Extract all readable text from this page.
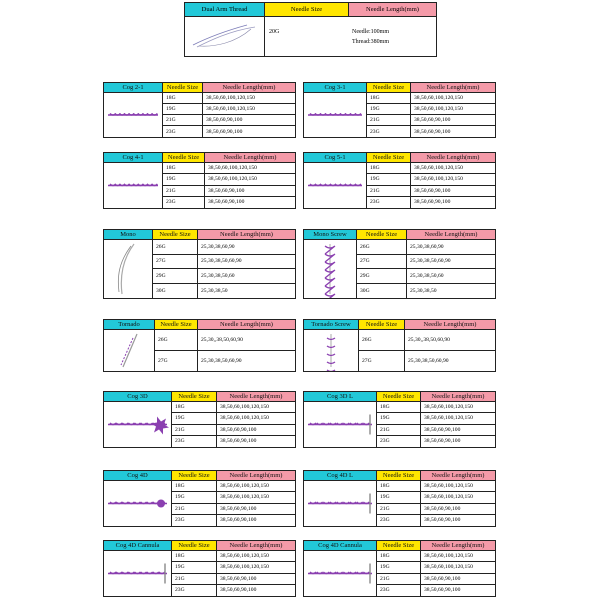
Dual Arm Thread	Needle Size	Needle Length(mm)
20G	Needle:100mm
Thread:380mm
Cog 2-1	Needle Size	Needle Length(mm)
18G	38,50,60,100,120,150
19G	38,50,60,100,120,150
21G	38,50,60,90,100
23G	38,50,60,90,100
Cog 3-1	Needle Size	Needle Length(mm)
18G	38,50,60,100,120,150
19G	38,50,60,100,120,150
21G	38,50,60,90,100
23G	38,50,60,90,100
Cog 4-1	Needle Size	Needle Length(mm)
18G	38,50,60,100,120,150
19G	38,50,60,100,120,150
21G	38,50,60,90,100
23G	38,50,60,90,100
Cog 5-1	Needle Size	Needle Length(mm)
18G	38,50,60,100,120,150
19G	38,50,60,100,120,150
21G	38,50,60,90,100
23G	38,50,60,90,100
Mono	Needle Size	Needle Length(mm)
26G	25,30,38,60,90
27G	25,30,38,50,60,90
29G	25,30,38,50,60
30G	25,30,38,50
Mono Screw	Needle Size	Needle Length(mm)
26G	25,30,38,60,90
27G	25,30,38,50,60,90
29G	25,30,38,50,60
30G	25,30,38,50
Tornado	Needle Size	Needle Length(mm)
26G	25,30,,38,50,60,90
27G	25,30,38,50,60,90
Tornado Screw	Needle Size	Needle Length(mm)
26G	25,30,,38,50,60,90
27G	25,30,38,50,60,90
Cog 3D	Needle Size	Needle Length(mm)
18G	38,50,60,100,120,150
19G	38,50,60,100,120,150
21G	38,50,60,90,100
23G	38,50,60,90,100
Cog 3D L	Needle Size	Needle Length(mm)
18G	38,50,60,100,120,150
19G	38,50,60,100,120,150
21G	38,50,60,90,100
23G	38,50,60,90,100
Cog 4D	Needle Size	Needle Length(mm)
18G	38,50,60,100,120,150
19G	38,50,60,100,120,150
21G	38,50,60,90,100
23G	38,50,60,90,100
Cog 4D L	Needle Size	Needle Length(mm)
18G	38,50,60,100,120,150
19G	38,50,60,100,120,150
21G	38,50,60,90,100
23G	38,50,60,90,100
Cog 4D Cannula	Needle Size	Needle Length(mm)
18G	38,50,60,100,120,150
19G	38,50,60,100,120,150
21G	38,50,60,90,100
23G	38,50,60,90,100
Cog 4D Cannula	Needle Size	Needle Length(mm)
18G	38,50,60,100,120,150
19G	38,50,60,100,120,150
21G	38,50,60,90,100
23G	38,50,60,90,100
